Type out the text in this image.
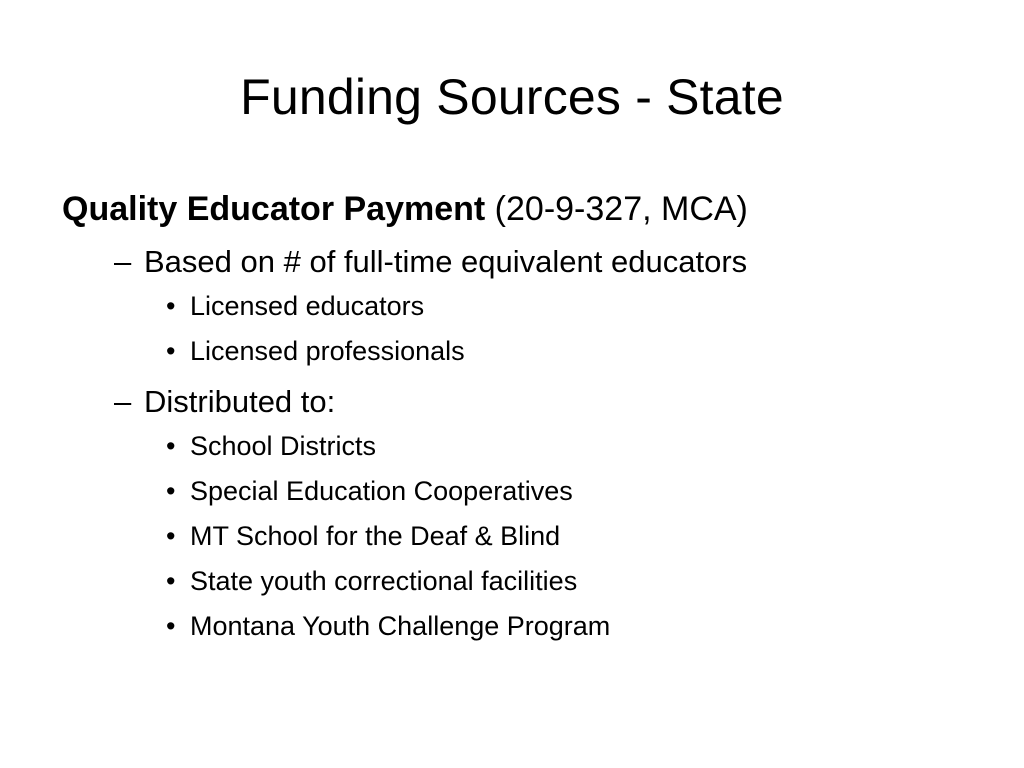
Funding Sources - State
Quality Educator Payment (20-9-327, MCA)
– Based on # of full-time equivalent educators
• Licensed educators
• Licensed professionals
– Distributed to:
• School Districts
• Special Education Cooperatives
• MT School for the Deaf & Blind
• State youth correctional facilities
• Montana Youth Challenge Program
